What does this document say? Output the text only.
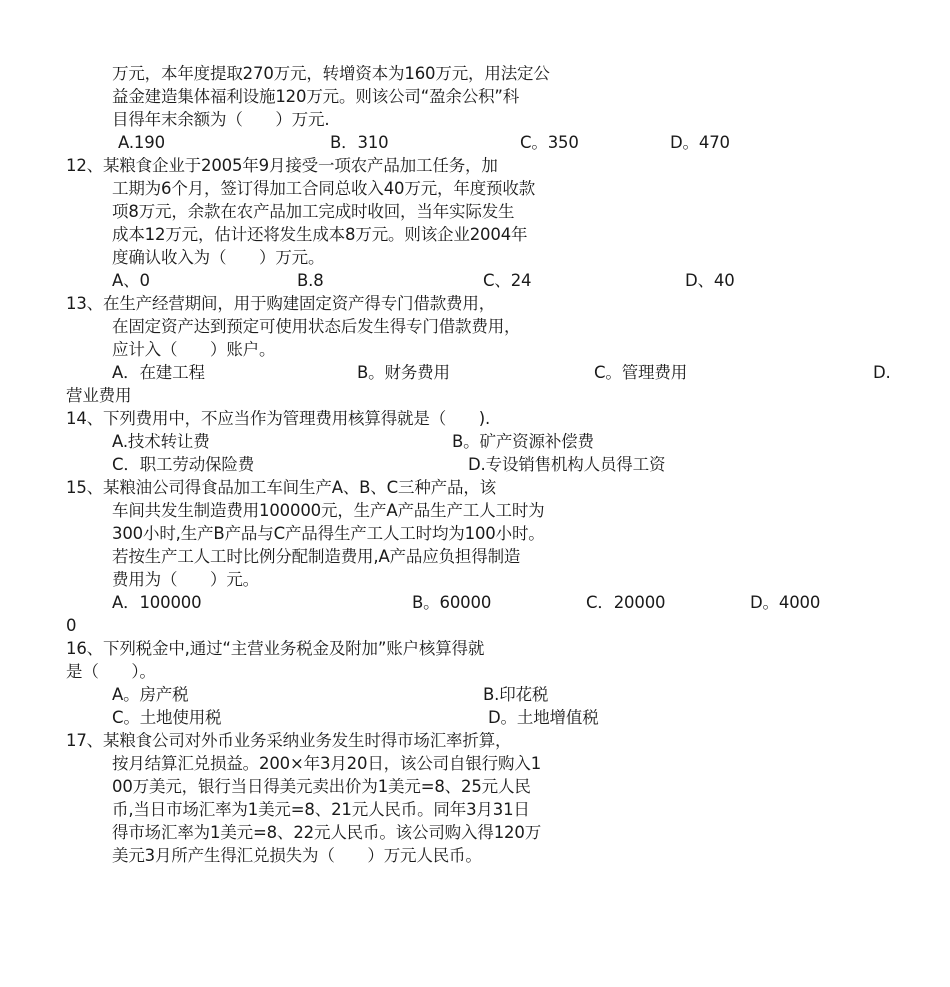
万元，本年度提取270万元，转增资本为160万元，用法定公
益金建造集体福利设施120万元。则该公司“盈余公积”科
目得年末余额为（　　）万元.
A.190	B．310	C。350	D。470
12、某粮食企业于2005年9月接受一项农产品加工任务，加
工期为6个月，签订得加工合同总收入40万元，年度预收款
项8万元，余款在农产品加工完成时收回，当年实际发生
成本12万元，估计还将发生成本8万元。则该企业2004年
度确认收入为（　　）万元。
A、0	B.8	C、24	D、40
13、在生产经营期间，用于购建固定资产得专门借款费用，
在固定资产达到预定可使用状态后发生得专门借款费用，
应计入（　　）账户。
A．在建工程	B。财务费用	C。管理费用	D.
营业费用
14、下列费用中，不应当作为管理费用核算得就是（　　).
A.技术转让费	B。矿产资源补偿费
C．职工劳动保险费	D.专设销售机构人员得工资
15、某粮油公司得食品加工车间生产A、B、C三种产品，该
车间共发生制造费用100000元，生产A产品生产工人工时为
300小时,生产B产品与C产品得生产工人工时均为100小时。
若按生产工人工时比例分配制造费用,A产品应负担得制造
费用为（　　）元。
A．100000	B。60000	C．20000	D。4000
0
16、下列税金中,通过“主营业务税金及附加”账户核算得就
是（　　）。
A。房产税	B.印花税
C。土地使用税	D。土地增值税
17、某粮食公司对外币业务采纳业务发生时得市场汇率折算，
按月结算汇兑损益。200×年3月20日，该公司自银行购入1
00万美元，银行当日得美元卖出价为1美元=8、25元人民
币,当日市场汇率为1美元=8、21元人民币。同年3月31日
得市场汇率为1美元=8、22元人民币。该公司购入得120万
美元3月所产生得汇兑损失为（　　）万元人民币。
